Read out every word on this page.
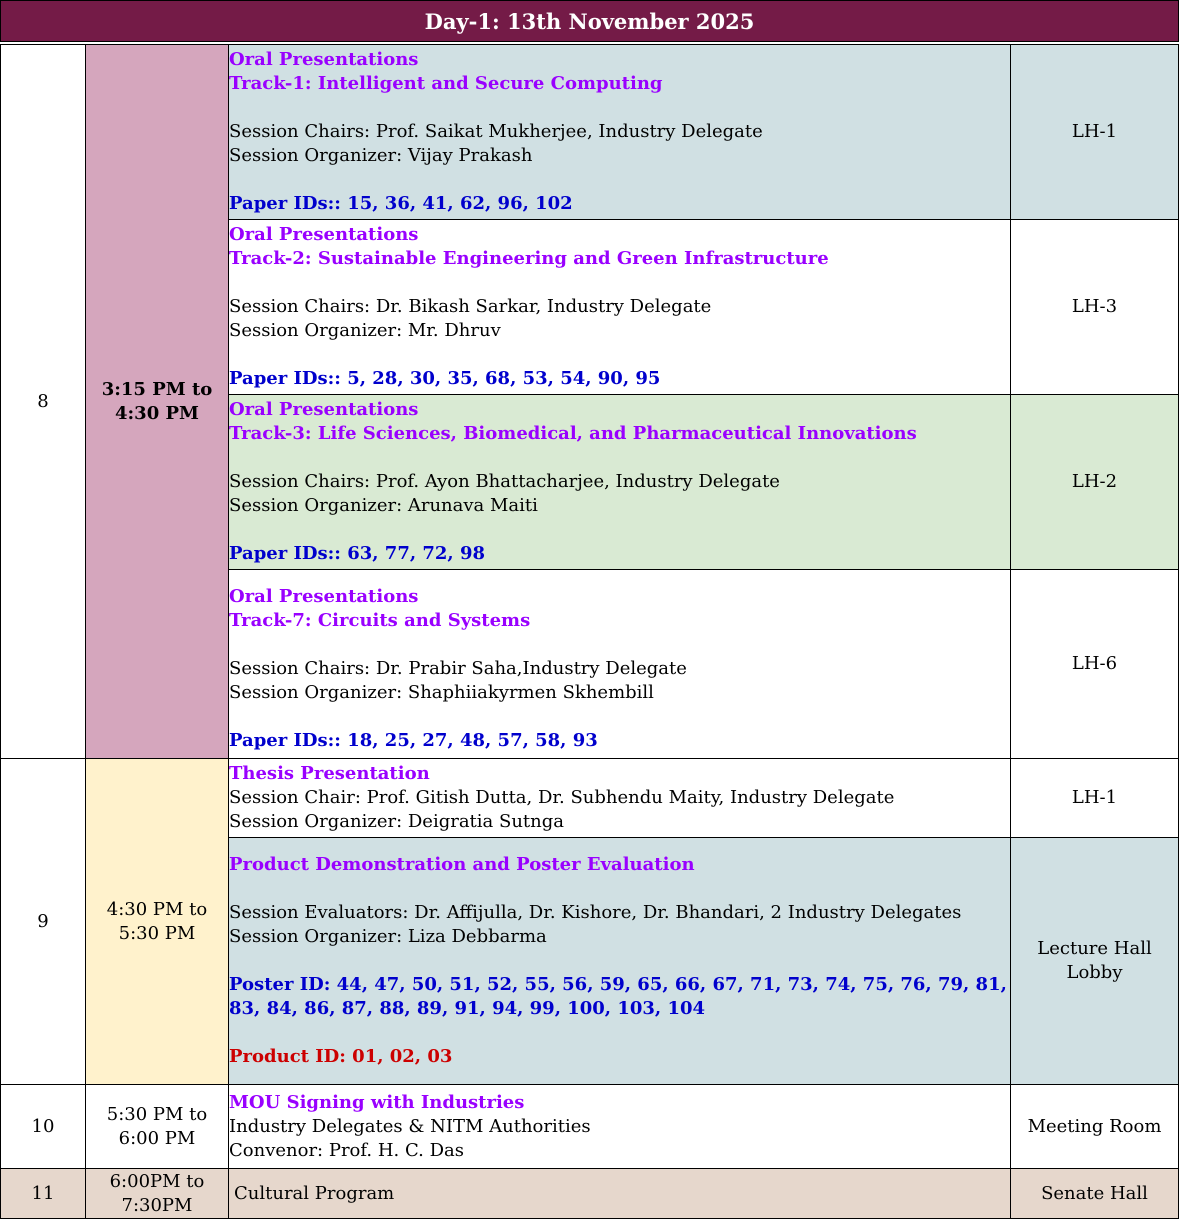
Day-1: 13th November 2025
8	3:15 PM to
4:30 PM	Oral Presentations
Track-1: Intelligent and Secure Computing
Session Chairs: Prof. Saikat Mukherjee, Industry Delegate
Session Organizer: Vijay Prakash
Paper IDs:: 15, 36, 41, 62, 96, 102	LH-1

		Oral Presentations
Track-2: Sustainable Engineering and Green Infrastructure
Session Chairs: Dr. Bikash Sarkar, Industry Delegate
Session Organizer: Mr. Dhruv
Paper IDs:: 5, 28, 30, 35, 68, 53, 54, 90, 95	LH-3

		Oral Presentations
Track-3: Life Sciences, Biomedical, and Pharmaceutical Innovations
Session Chairs: Prof. Ayon Bhattacharjee, Industry Delegate
Session Organizer: Arunava Maiti
Paper IDs:: 63, 77, 72, 98	LH-2

		Oral Presentations
Track-7: Circuits and Systems
Session Chairs: Dr. Prabir Saha,Industry Delegate
Session Organizer: Shaphiiakyrmen Skhembill
Paper IDs:: 18, 25, 27, 48, 57, 58, 93	LH-6
9	4:30 PM to
5:30 PM	Thesis Presentation
Session Chair: Prof. Gitish Dutta, Dr. Subhendu Maity, Industry Delegate
Session Organizer: Deigratia Sutnga	LH-1

		Product Demonstration and Poster Evaluation
Session Evaluators: Dr. Affijulla, Dr. Kishore, Dr. Bhandari, 2 Industry Delegates
Session Organizer: Liza Debbarma
Poster ID: 44, 47, 50, 51, 52, 55, 56, 59, 65, 66, 67, 71, 73, 74, 75, 76, 79, 81, 83, 84, 86, 87, 88, 89, 91, 94, 99, 100, 103, 104
Product ID: 01, 02, 03	Lecture Hall
Lobby

10	5:30 PM to
6:00 PM	MOU Signing with Industries
Industry Delegates & NITM Authorities
Convenor: Prof. H. C. Das	Meeting Room
11	6:00PM to
7:30PM	Cultural Program	Senate Hall
